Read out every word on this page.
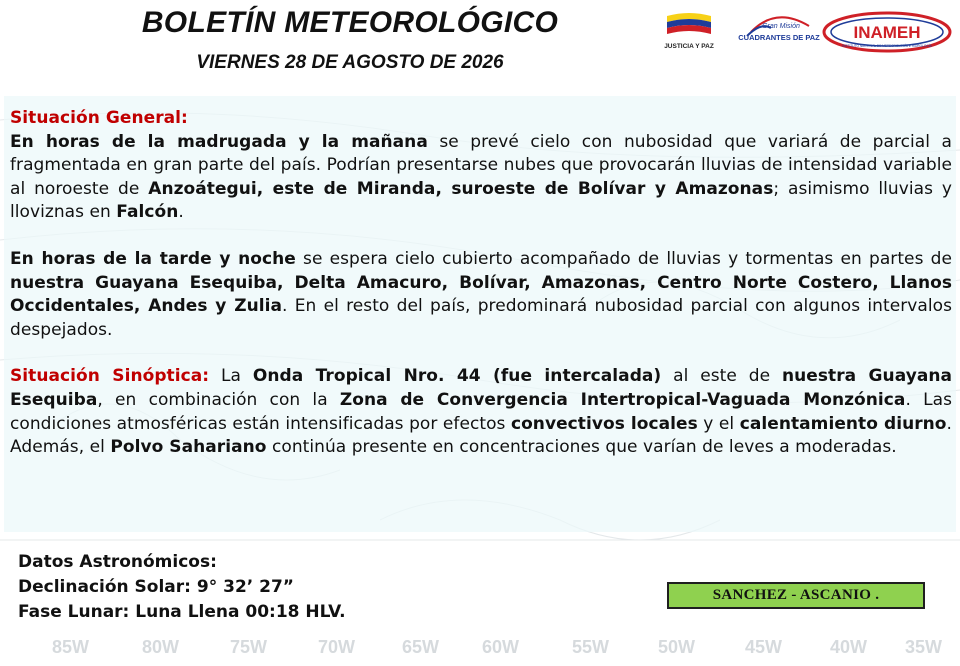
85W	80W	75W	70W	65W 60W	55W	50W	45W	40W 35W
BOLETÍN METEOROLÓGICO
VIERNES 28 DE AGOSTO DE 2026
JUSTICIA Y PAZ
Gran Misión
CUADRANTES DE PAZ INAMEH
INSTITUTO NACIONAL DE METEOROLOGÍA E HIDROLOGÍA

Situación General:
En horas de la madrugada y la mañana se prevé cielo con nubosidad que variará de parcial a fragmentada en gran parte del país. Podrían presentarse nubes que provocarán lluvias de intensidad variable al noroeste de Anzoátegui, este de Miranda, suroeste de Bolívar y Amazonas; asimismo lluvias y lloviznas en Falcón.

En horas de la tarde y noche se espera cielo cubierto acompañado de lluvias y tormentas en partes de nuestra Guayana Esequiba, Delta Amacuro, Bolívar, Amazonas, Centro Norte Costero, Llanos Occidentales, Andes y Zulia. En el resto del país, predominará nubosidad parcial con algunos intervalos despejados.

Situación Sinóptica: La Onda Tropical Nro. 44 (fue intercalada) al este de nuestra Guayana Esequiba, en combinación con la Zona de Convergencia Intertropical-Vaguada Monzónica. Las condiciones atmosféricas están intensificadas por efectos convectivos locales y el calentamiento diurno. Además, el Polvo Sahariano continúa presente en concentraciones que varían de leves a moderadas.

Datos Astronómicos:
Declinación Solar: 9° 32’ 27”
Fase Lunar: Luna Llena 00:18 HLV.
SANCHEZ - ASCANIO .
